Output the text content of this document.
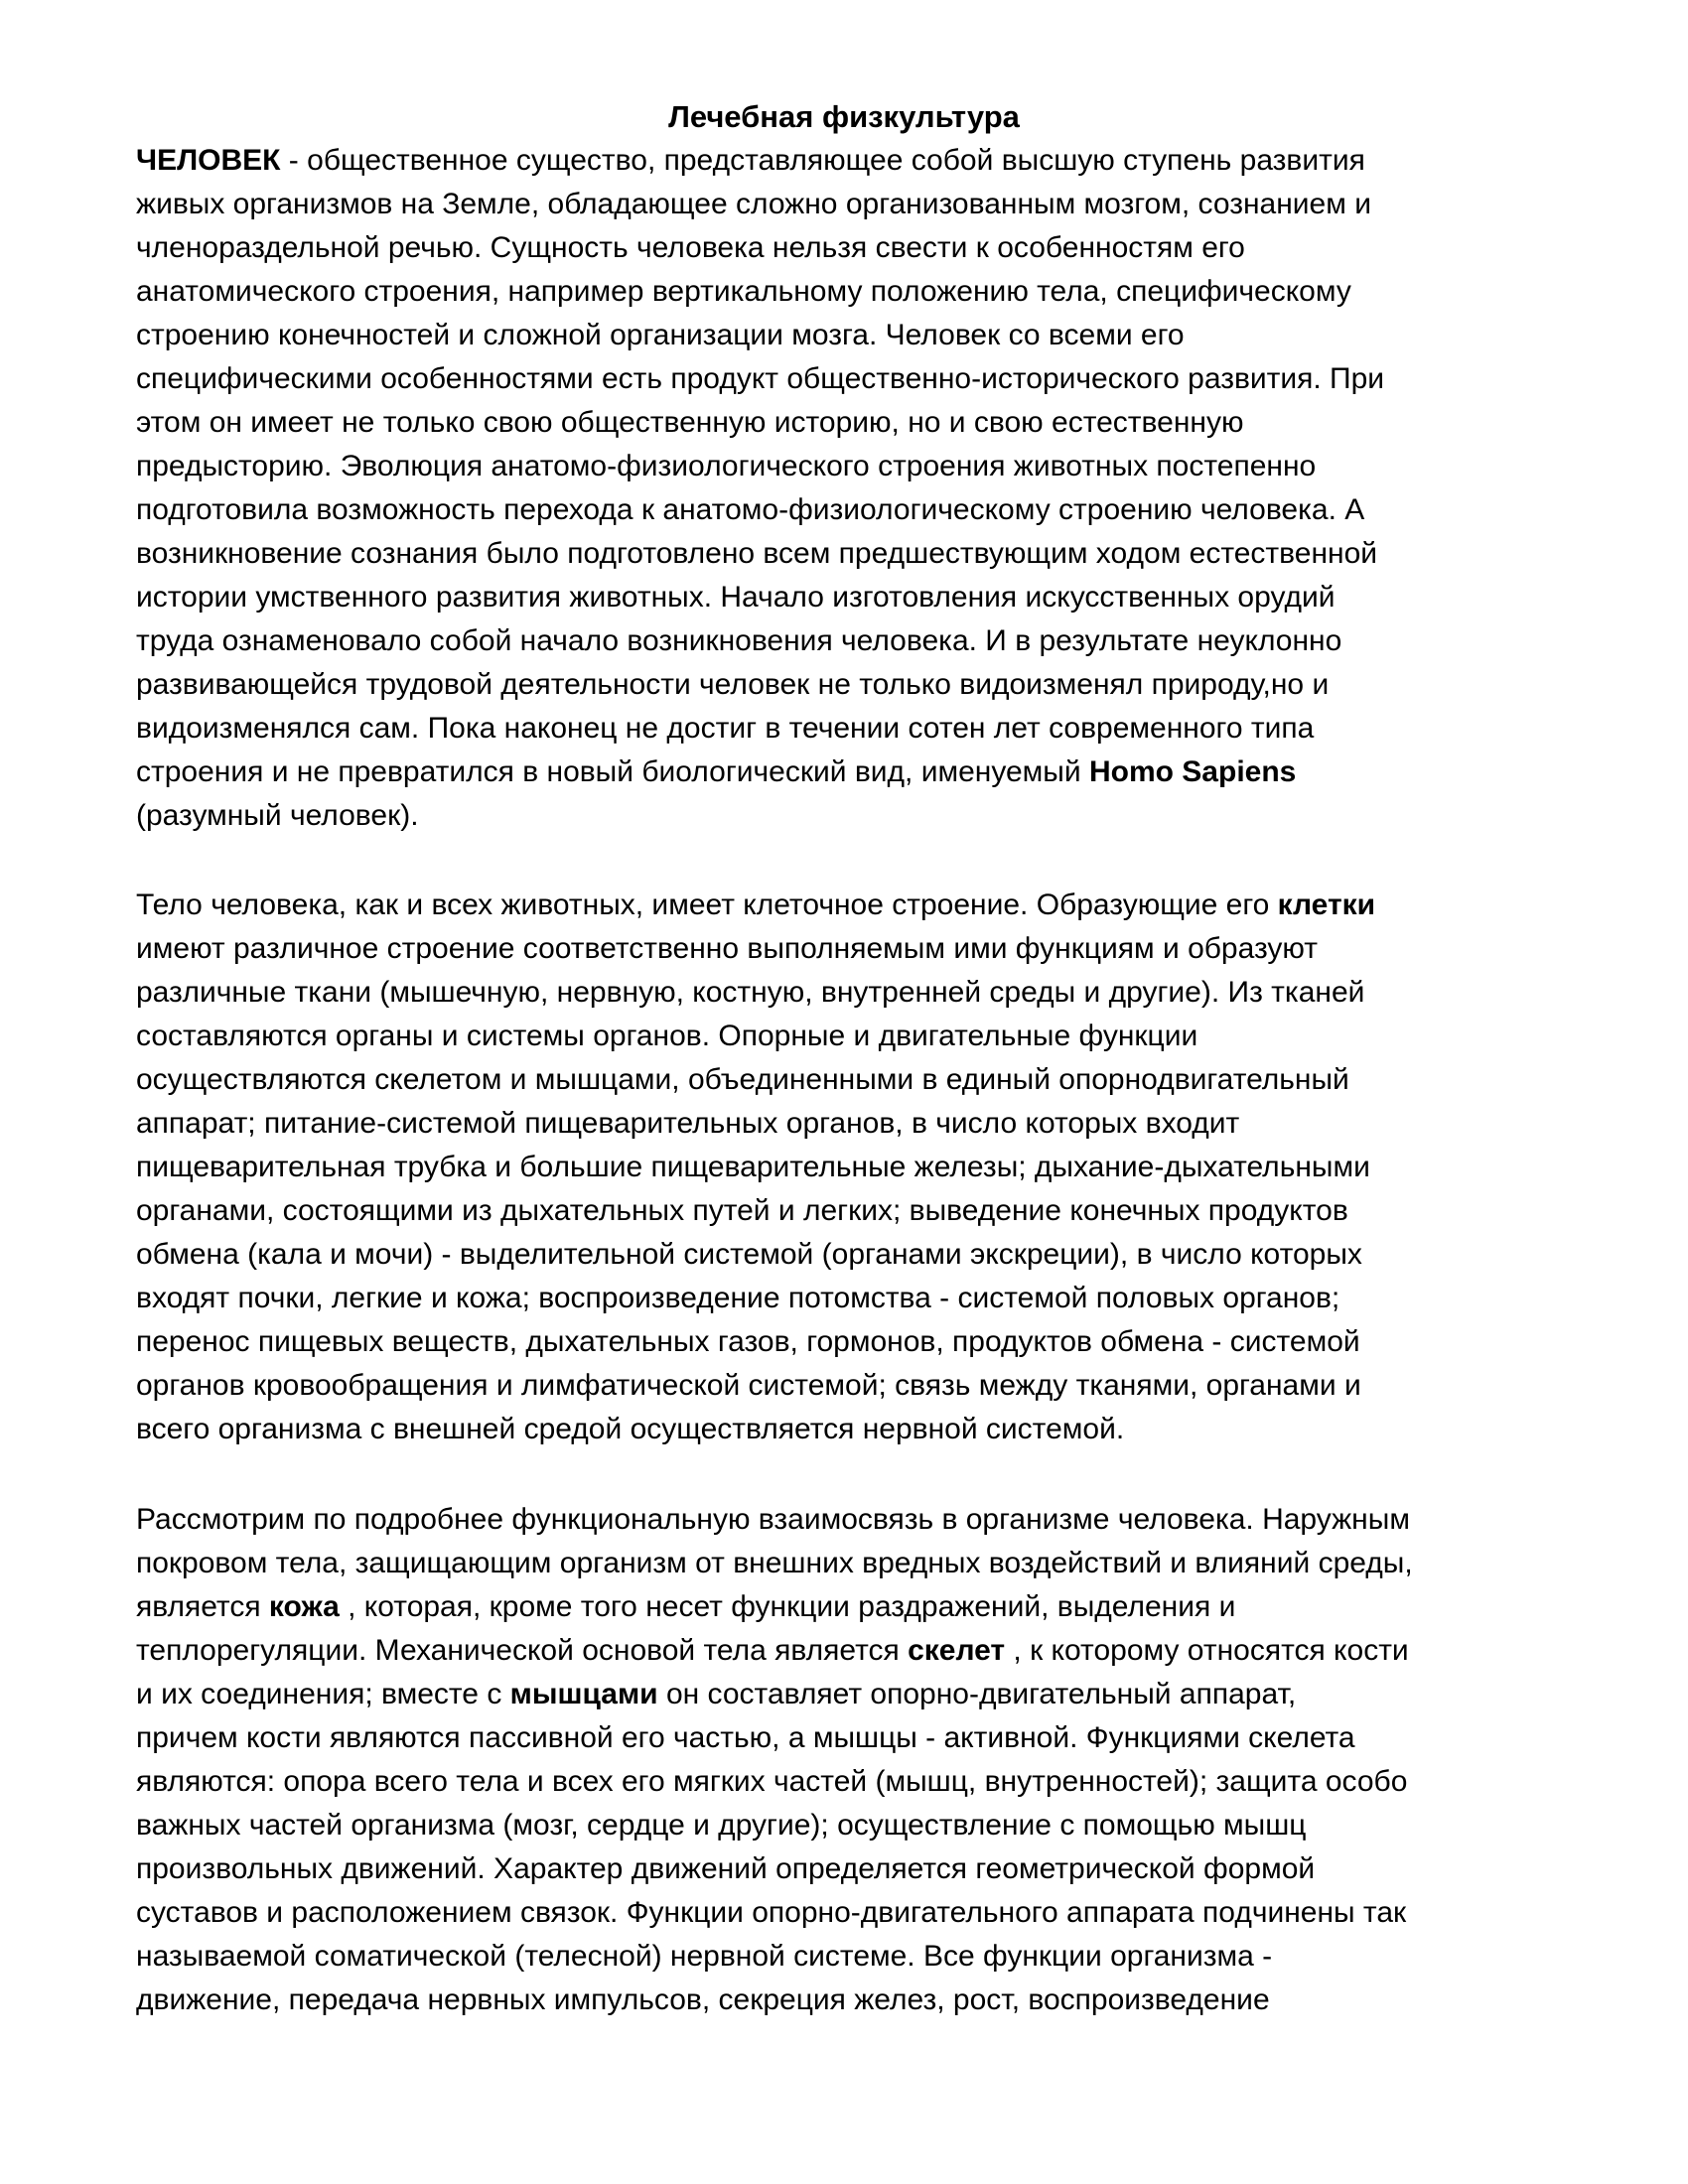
Лечебная физкультура
ЧЕЛОВЕК - общественное существо, представляющее собой высшую ступень развития
живых организмов на Земле, обладающее сложно организованным мозгом, сознанием и
членораздельной речью. Сущность человека нельзя свести к особенностям его
анатомического строения, например вертикальному положению тела, специфическому
строению конечностей и сложной организации мозга. Человек со всеми его
специфическими особенностями есть продукт общественно-исторического развития. При
этом он имеет не только свою общественную историю, но и свою естественную
предысторию. Эволюция анатомо-физиологического строения животных постепенно
подготовила возможность перехода к анатомо-физиологическому строению человека. А
возникновение сознания было подготовлено всем предшествующим ходом естественной
истории умственного развития животных. Начало изготовления искусственных орудий
труда ознаменовало собой начало возникновения человека. И в результате неуклонно
развивающейся трудовой деятельности человек не только видоизменял природу,но и
видоизменялся сам. Пока наконец не достиг в течении сотен лет современного типа
строения и не превратился в новый биологический вид, именуемый Homo Sapiens
(разумный человек).
Тело человека, как и всех животных, имеет клеточное строение. Образующие его клетки
имеют различное строение соответственно выполняемым ими функциям и образуют
различные ткани (мышечную, нервную, костную, внутренней среды и другие). Из тканей
составляются органы и системы органов. Опорные и двигательные функции
осуществляются скелетом и мышцами, объединенными в единый опорнодвигательный
аппарат; питание-системой пищеварительных органов, в число которых входит
пищеварительная трубка и большие пищеварительные железы; дыхание-дыхательными
органами, состоящими из дыхательных путей и легких; выведение конечных продуктов
обмена (кала и мочи) - выделительной системой (органами экскреции), в число которых
входят почки, легкие и кожа; воспроизведение потомства - системой половых органов;
перенос пищевых веществ, дыхательных газов, гормонов, продуктов обмена - системой
органов кровообращения и лимфатической системой; связь между тканями, органами и
всего организма с внешней средой осуществляется нервной системой.
Рассмотрим по подробнее функциональную взаимосвязь в организме человека. Наружным
покровом тела, защищающим организм от внешних вредных воздействий и влияний среды,
является кожа , которая, кроме того несет функции раздражений, выделения и
теплорегуляции. Механической основой тела является скелет , к которому относятся кости
и их соединения; вместе с мышцами он составляет опорно-двигательный аппарат,
причем кости являются пассивной его частью, а мышцы - активной. Функциями скелета
являются: опора всего тела и всех его мягких частей (мышц, внутренностей); защита особо
важных частей организма (мозг, сердце и другие); осуществление с помощью мышц
произвольных движений. Характер движений определяется геометрической формой
суставов и расположением связок. Функции опорно-двигательного аппарата подчинены так
называемой соматической (телесной) нервной системе. Все функции организма -
движение, передача нервных импульсов, секреция желез, рост, воспроизведение
